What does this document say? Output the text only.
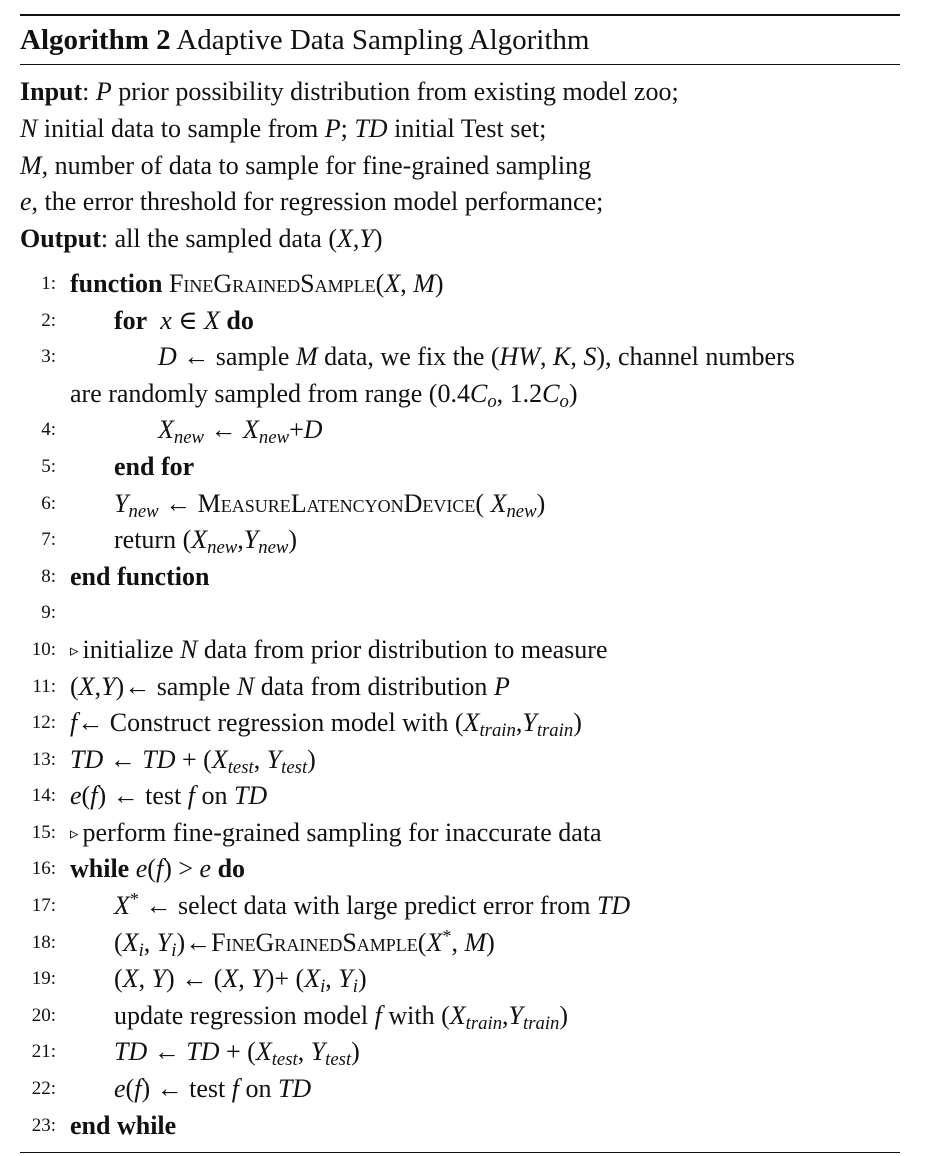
Algorithm 2 Adaptive Data Sampling Algorithm
Input: P prior possibility distribution from existing model zoo;
N initial data to sample from P; TD initial Test set;
M, number of data to sample for fine-grained sampling
e, the error threshold for regression model performance;
Output: all the sampled data (X,Y)
1: function FineGrainedSample(X, M)
2: for x ∈ X do
3:	D ← sample M data, we fix the (HW, K, S), channel numbers
are randomly sampled from range ($0.4C_o$, $1.2C_o$)
4:	$X_{new}$ ← $X_{new}+D$
5: end for
6: $Y_{new}$ ← MeasureLatencyonDevice( $X_{new}$)
7: return $(X_{new},Y_{new})$
8: end function
9:
10: ▹ initialize N data from prior distribution to measure
11: (X,Y)← sample N data from distribution P
12: f← Construct regression model with $(X_{train},Y_{train})$
13: TD ← TD + ($X_{test}$, $Y_{test}$)
14: e(f) ← test f on TD
15: ▹ perform fine-grained sampling for inaccurate data
16: while e(f) > e do
17: X* ← select data with large predict error from TD
18: ($X_i$, $Y_i)\leftarrow FineGrainedSample(X^*$, M)
19: (X, Y) ← (X, $Y)+ (X_i$, $Y_i$)
20: update regression model f with $(X_{train},Y_{train})$
21: TD ← TD + ($X_{test}$, $Y_{test}$)
22: e(f) ← test f on TD
23: end while
